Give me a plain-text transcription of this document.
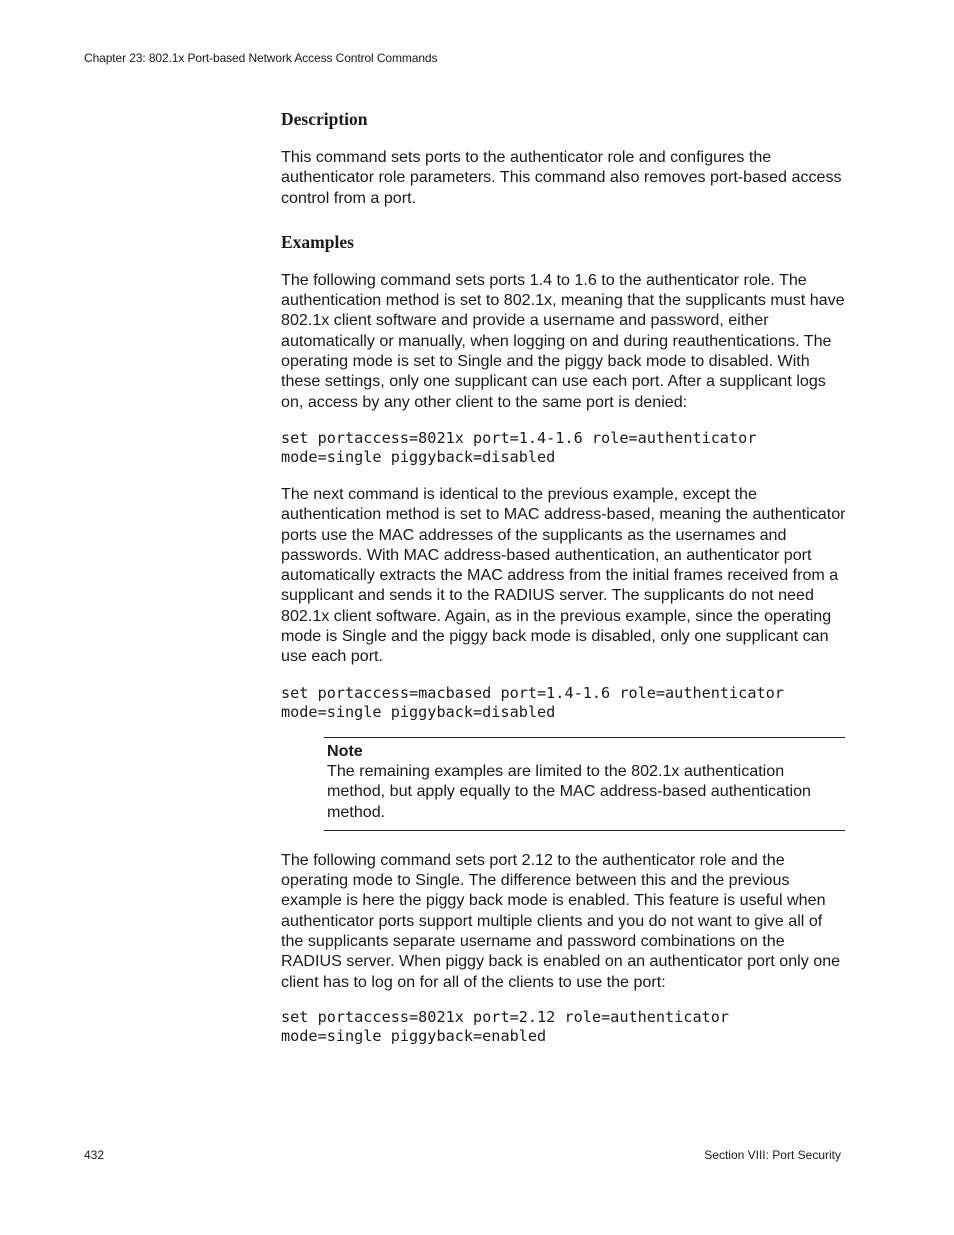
Chapter 23: 802.1x Port-based Network Access Control Commands
Description

This command sets ports to the authenticator role and configures the authenticator role parameters. This command also removes port-based access control from a port.

Examples

The following command sets ports 1.4 to 1.6 to the authenticator role. The authentication method is set to 802.1x, meaning that the supplicants must have 802.1x client software and provide a username and password, either automatically or manually, when logging on and during reauthentications. The operating mode is set to Single and the piggy back mode to disabled. With these settings, only one supplicant can use each port. After a supplicant logs on, access by any other client to the same port is denied:

set portaccess=8021x port=1.4-1.6 role=authenticator
mode=single piggyback=disabled

The next command is identical to the previous example, except the authentication method is set to MAC address-based, meaning the authenticator ports use the MAC addresses of the supplicants as the usernames and passwords. With MAC address-based authentication, an authenticator port automatically extracts the MAC address from the initial frames received from a supplicant and sends it to the RADIUS server. The supplicants do not need 802.1x client software. Again, as in the previous example, since the operating mode is Single and the piggy back mode is disabled, only one supplicant can use each port.

set portaccess=macbased port=1.4-1.6 role=authenticator
mode=single piggyback=disabled
Note

The remaining examples are limited to the 802.1x authentication method, but apply equally to the MAC address-based authentication method.

The following command sets port 2.12 to the authenticator role and the operating mode to Single. The difference between this and the previous example is here the piggy back mode is enabled. This feature is useful when authenticator ports support multiple clients and you do not want to give all of the supplicants separate username and password combinations on the RADIUS server. When piggy back is enabled on an authenticator port only one client has to log on for all of the clients to use the port:

set portaccess=8021x port=2.12 role=authenticator
mode=single piggyback=enabled
432	Section VIII: Port Security
